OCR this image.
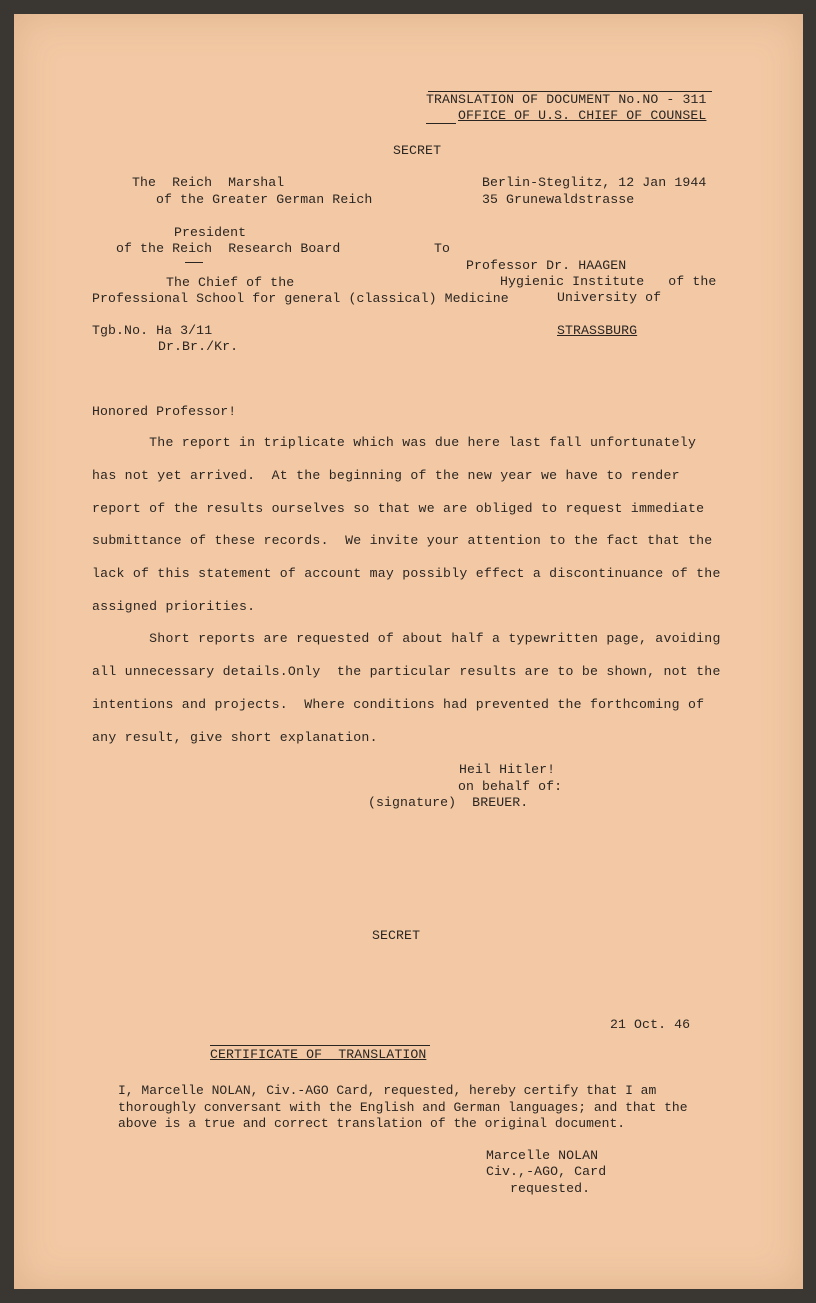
TRANSLATION OF DOCUMENT No.NO - 311
OFFICE OF U.S. CHIEF OF COUNSEL
SECRET
The  Reich  Marshal
of the Greater German Reich
President
of the Reich  Research Board
The Chief of the
Professional School for general (classical) Medicine
Tgb.No. Ha 3/11
Dr.Br./Kr.
Berlin-Steglitz, 12 Jan 1944
35 Grunewaldstrasse
To
Professor Dr. HAAGEN
Hygienic Institute   of the
University of
STRASSBURG
Honored Professor!
The report in triplicate which was due here last fall unfortunately
has not yet arrived.  At the beginning of the new year we have to render
report of the results ourselves so that we are obliged to request immediate
submittance of these records.  We invite your attention to the fact that the
lack of this statement of account may possibly effect a discontinuance of the
assigned priorities.
Short reports are requested of about half a typewritten page, avoiding
all unnecessary details.Only  the particular results are to be shown, not the
intentions and projects.  Where conditions had prevented the forthcoming of
any result, give short explanation.
Heil Hitler!
on behalf of:
(signature)  BREUER.
SECRET
21 Oct. 46
CERTIFICATE OF  TRANSLATION
I, Marcelle NOLAN, Civ.-AGO Card, requested, hereby certify that I am
thoroughly conversant with the English and German languages; and that the
above is a true and correct translation of the original document.
Marcelle NOLAN
Civ.,-AGO, Card
requested.
